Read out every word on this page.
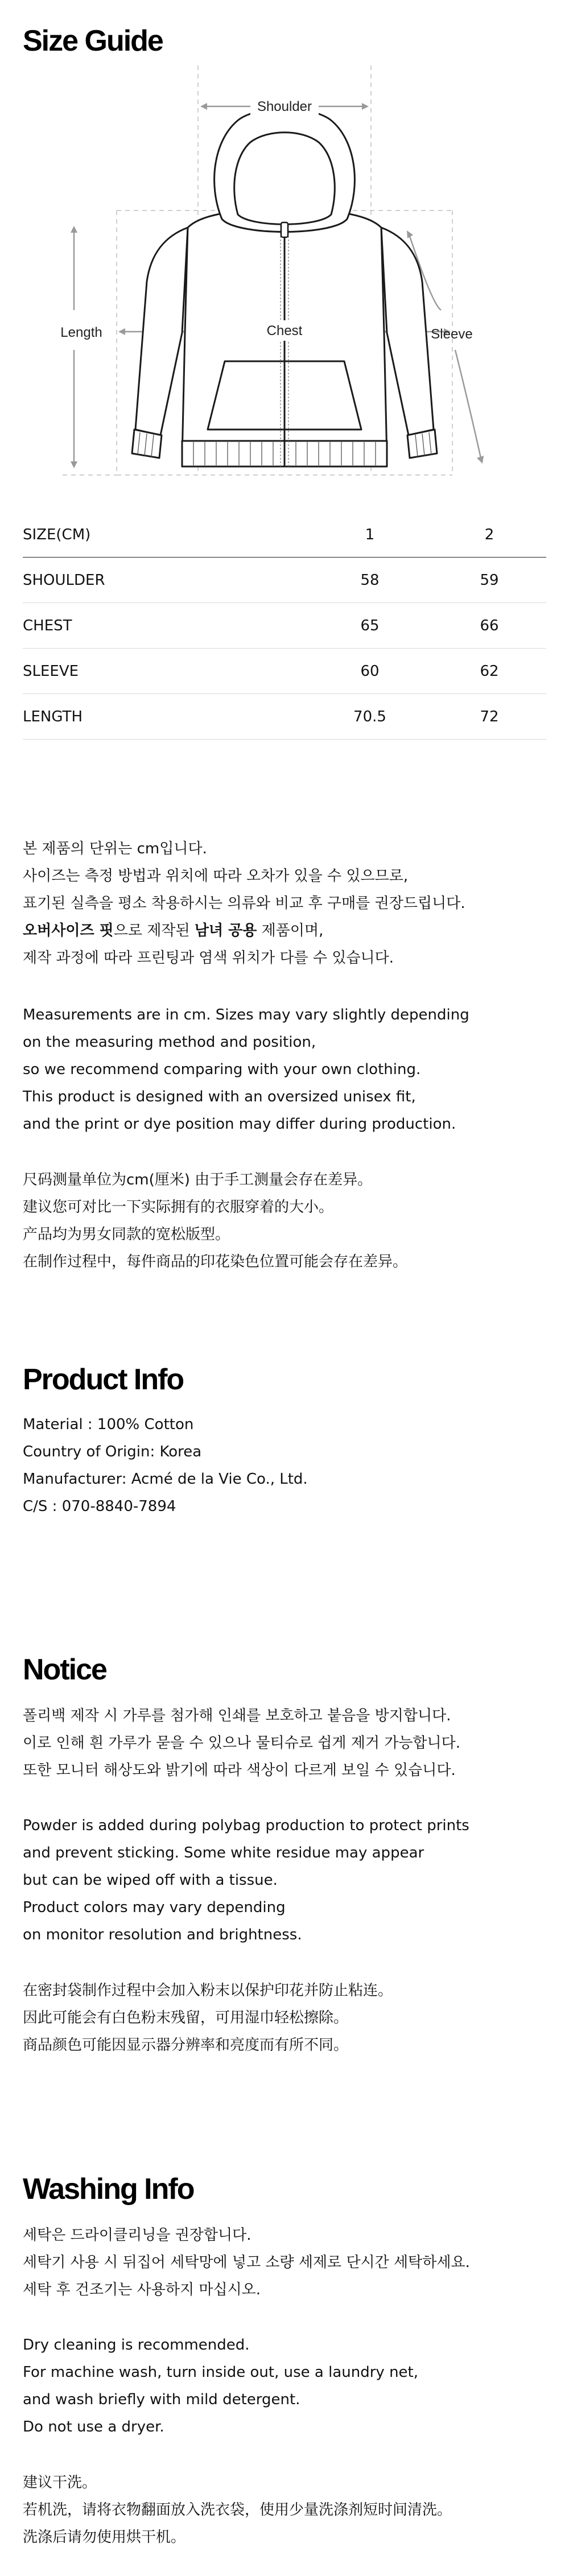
Size Guide
Shoulder
Chest
Length	Sleeve
SIZE(CM)	1	2
SHOULDER	58	59
CHEST	65	66
SLEEVE	60	62
LENGTH	70.5	72
본 제품의 단위는 cm입니다.
사이즈는 측정 방법과 위치에 따라 오차가 있을 수 있으므로,
표기된 실측을 평소 착용하시는 의류와 비교 후 구매를 권장드립니다.
오버사이즈 핏으로 제작된 남녀 공용 제품이며,
제작 과정에 따라 프린팅과 염색 위치가 다를 수 있습니다.
Measurements are in cm. Sizes may vary slightly depending
on the measuring method and position,
so we recommend comparing with your own clothing.
This product is designed with an oversized unisex fit,
and the print or dye position may differ during production.
尺码测量单位为cm(厘米) 由于手工测量会存在差异。
建议您可对比一下实际拥有的衣服穿着的大小。
产品均为男女同款的宽松版型。
在制作过程中，每件商品的印花染色位置可能会存在差异。
Product Info
Material : 100% Cotton
Country of Origin: Korea
Manufacturer: Acmé de la Vie Co., Ltd.
C/S : 070-8840-7894
Notice
폴리백 제작 시 가루를 첨가해 인쇄를 보호하고 붙음을 방지합니다.
이로 인해 흰 가루가 묻을 수 있으나 물티슈로 쉽게 제거 가능합니다.
또한 모니터 해상도와 밝기에 따라 색상이 다르게 보일 수 있습니다.
Powder is added during polybag production to protect prints
and prevent sticking. Some white residue may appear
but can be wiped off with a tissue.
Product colors may vary depending
on monitor resolution and brightness.
在密封袋制作过程中会加入粉末以保护印花并防止粘连。
因此可能会有白色粉末残留，可用湿巾轻松擦除。
商品颜色可能因显示器分辨率和亮度而有所不同。
Washing Info
세탁은 드라이클리닝을 권장합니다.
세탁기 사용 시 뒤집어 세탁망에 넣고 소량 세제로 단시간 세탁하세요.
세탁 후 건조기는 사용하지 마십시오.
Dry cleaning is recommended.
For machine wash, turn inside out, use a laundry net,
and wash briefly with mild detergent.
Do not use a dryer.
建议干洗。
若机洗，请将衣物翻面放入洗衣袋，使用少量洗涤剂短时间清洗。
洗涤后请勿使用烘干机。
